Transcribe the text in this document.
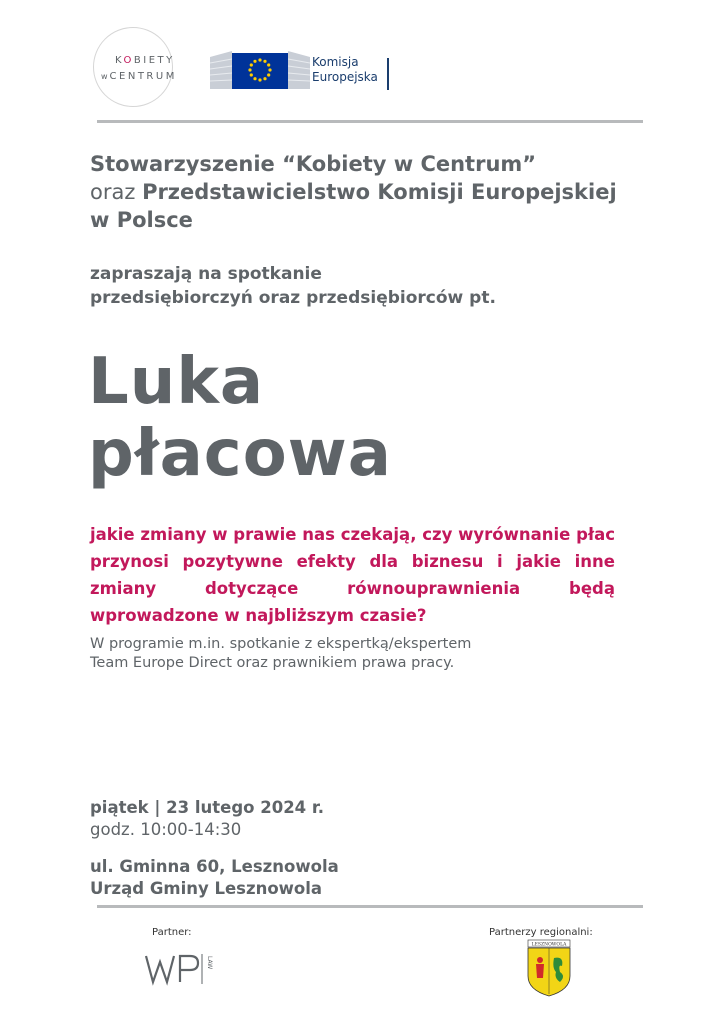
KOBIETY
w CENTRUM
Komisja
Europejska
Stowarzyszenie “Kobiety w Centrum”
oraz Przedstawicielstwo Komisji Europejskiej
w Polsce
zapraszają na spotkanie
przedsiębiorczyń oraz przedsiębiorców pt.
Luka
płacowa
jakie zmiany w prawie nas czekają, czy wyrównanie płac przynosi pozytywne efekty dla biznesu i jakie inne zmiany dotyczące równouprawnienia będą wprowadzone w najbliższym czasie?
W programie m.in. spotkanie z ekspertką/ekspertem
Team Europe Direct oraz prawnikiem prawa pracy.
piątek | 23 lutego 2024 r.
godz. 10:00-14:30
ul. Gminna 60, Lesznowola
Urząd Gminy Lesznowola
Partner:
LAW
Partnerzy regionalni:
LESZNOWOLA
